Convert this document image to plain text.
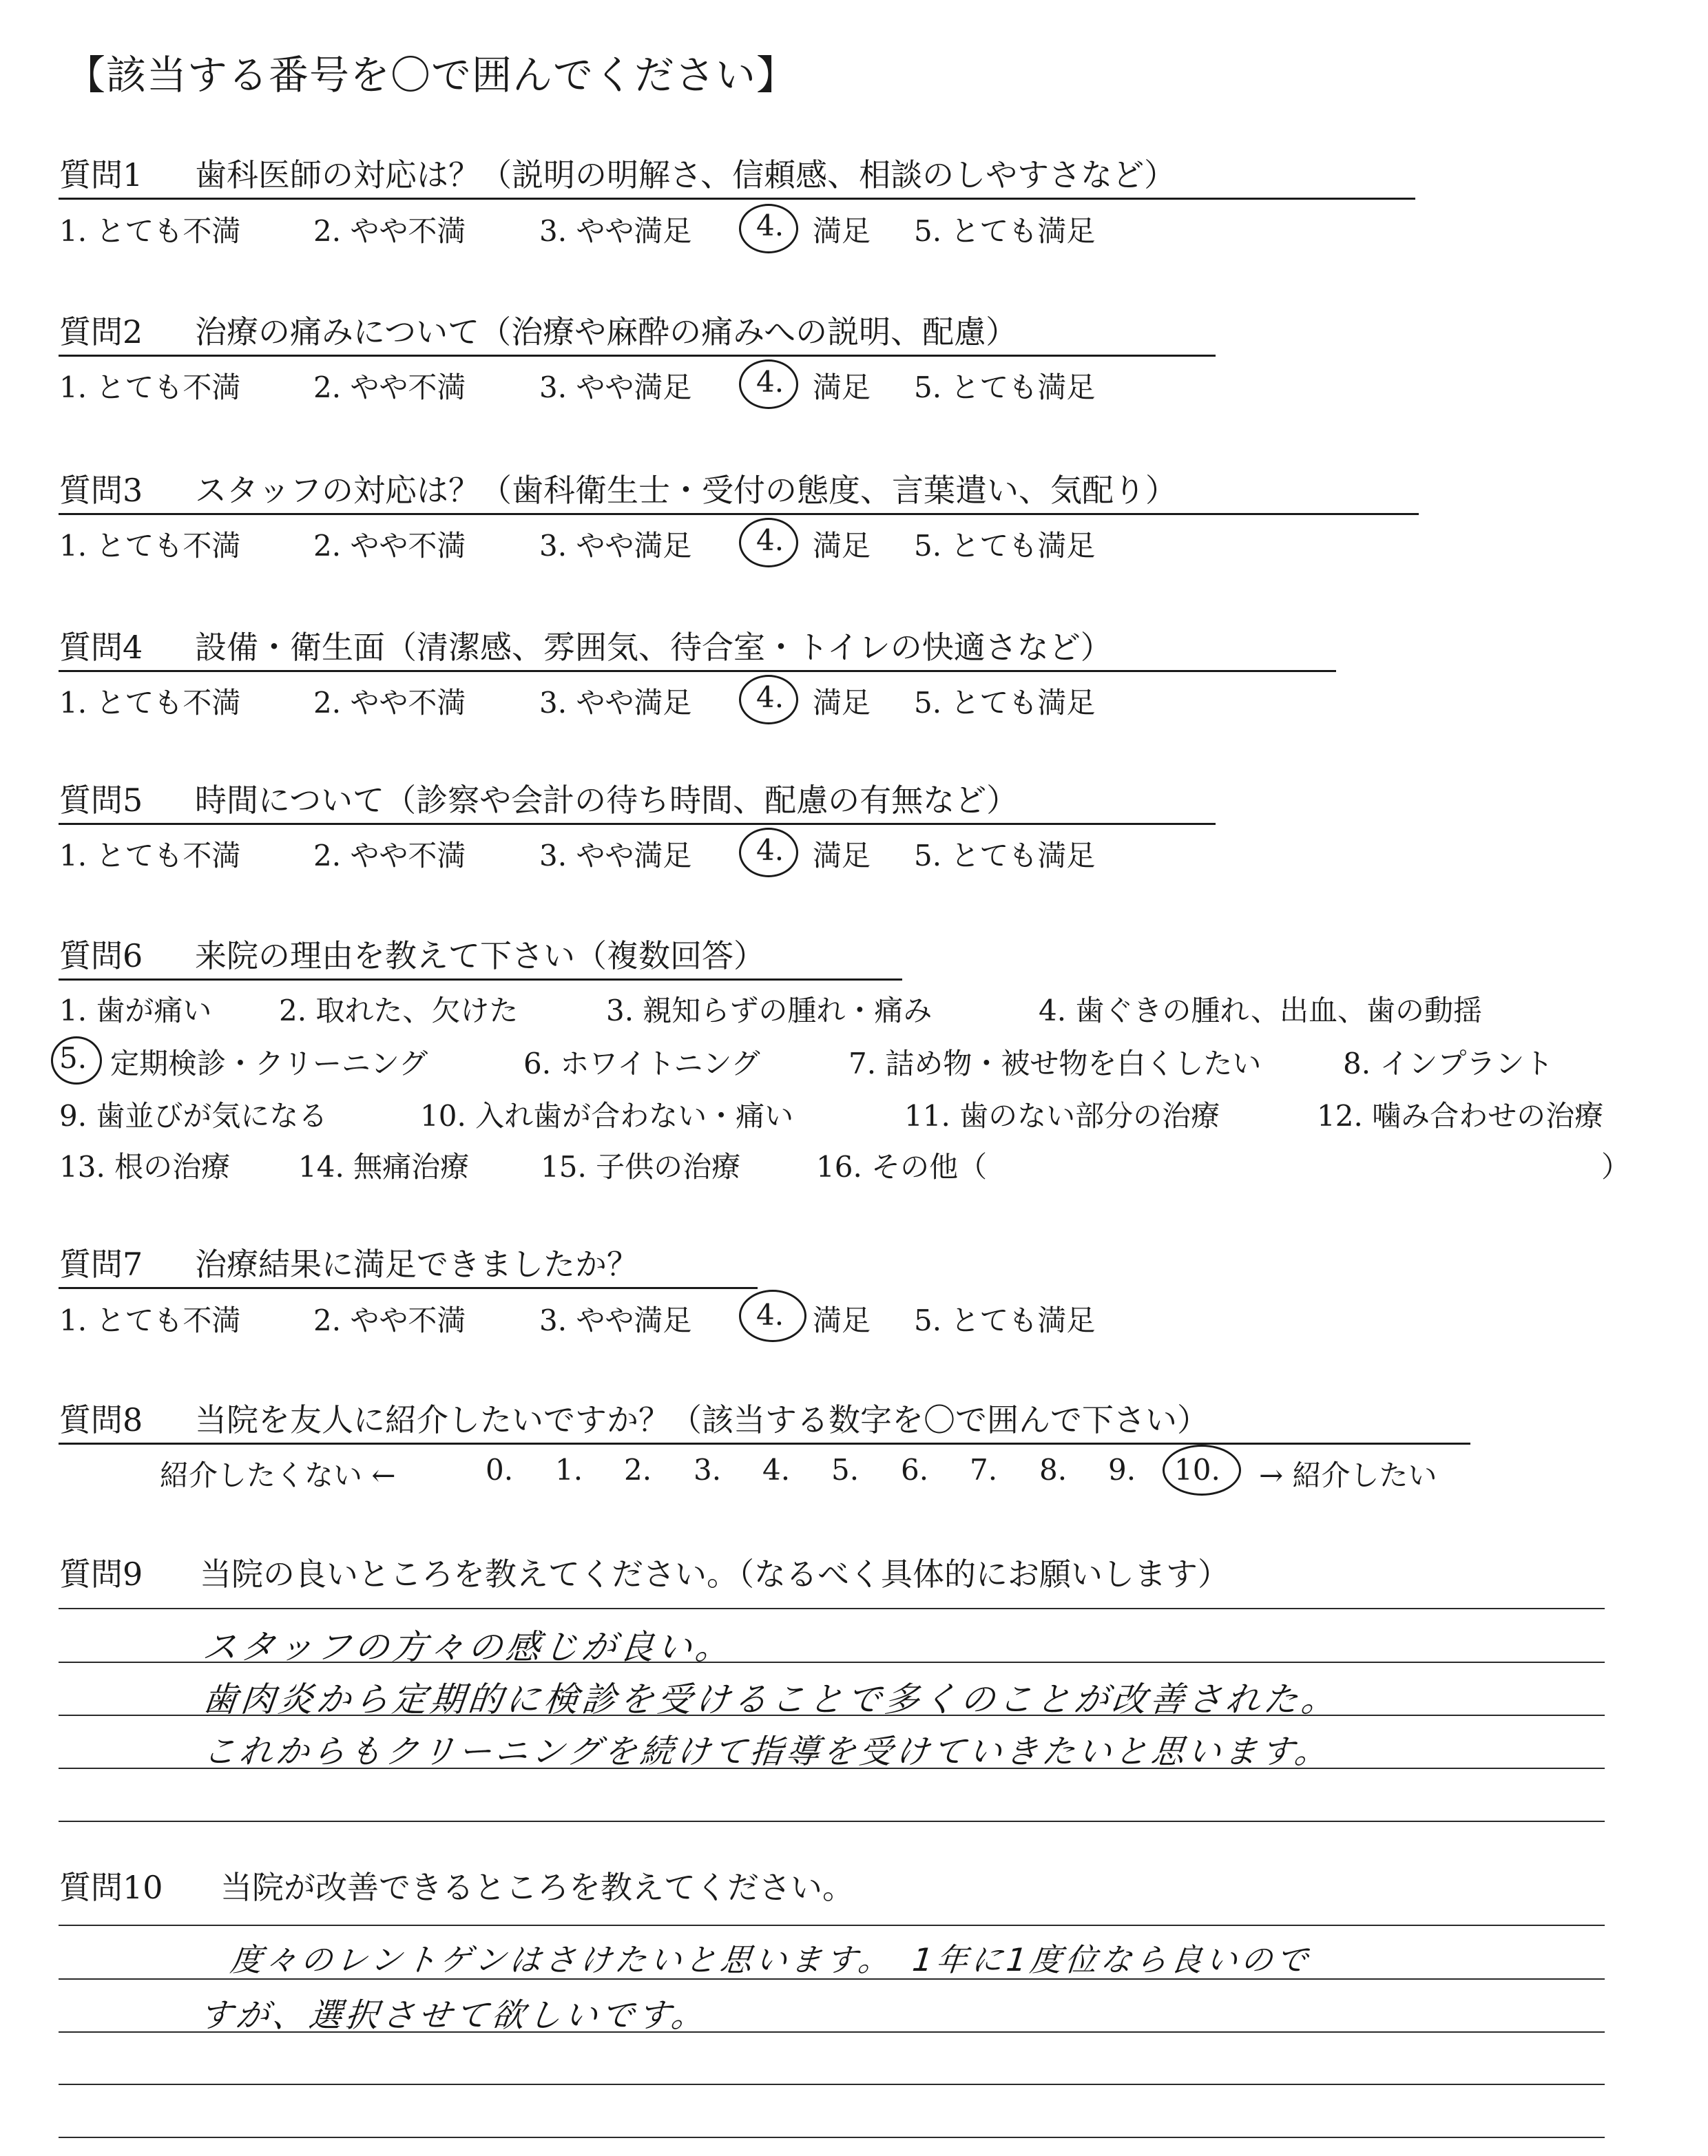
【該当する番号を〇で囲んでください】
質問1 歯科医師の対応は？（説明の明解さ、信頼感、相談のしやすさなど）
1. とても不満	2. やや不満	3. やや満足 4. 満足 5. とても満足
質問2 治療の痛みについて（治療や麻酔の痛みへの説明、配慮）
1. とても不満	2. やや不満	3. やや満足 4. 満足 5. とても満足
質問3 スタッフの対応は？（歯科衛生士・受付の態度、言葉遣い、気配り）
1. とても不満	2. やや不満	3. やや満足 4. 満足 5. とても満足
質問4 設備・衛生面（清潔感、雰囲気、待合室・トイレの快適さなど）
1. とても不満	2. やや不満	3. やや満足 4. 満足 5. とても満足
質問5 時間について（診察や会計の待ち時間、配慮の有無など）
1. とても不満	2. やや不満	3. やや満足 4. 満足 5. とても満足
質問6 来院の理由を教えて下さい（複数回答）
1. 歯が痛い 2. 取れた、欠けた	3. 親知らずの腫れ・痛み	4. 歯ぐきの腫れ、出血、歯の動揺
5. 定期検診・クリーニング	6. ホワイトニング	7. 詰め物・被せ物を白くしたい	8. インプラント
9. 歯並びが気になる	10. 入れ歯が合わない・痛い	11. 歯のない部分の治療	12. 噛み合わせの治療
13. 根の治療 14. 無痛治療 15. 子供の治療	16. その他（	）
質問7 治療結果に満足できましたか？
1. とても不満	2. やや不満	3. やや満足 4. 満足 5. とても満足
質問8 当院を友人に紹介したいですか？（該当する数字を〇で囲んで下さい）
紹介したくない ←	0. 1. 2. 3. 4. 5. 6. 7. 8. 9. 10. → 紹介したい
質問9 当院の良いところを教えてください。（なるべく具体的にお願いします）
スタッフの方々の感じが良い。
歯肉炎から定期的に検診を受けることで多くのことが改善された。
これからもクリーニングを続けて指導を受けていきたいと思います。
質問10 当院が改善できるところを教えてください。
度々のレントゲンはさけたいと思います。　1年に1度位なら良いので
すが、選択させて欲しいです。
